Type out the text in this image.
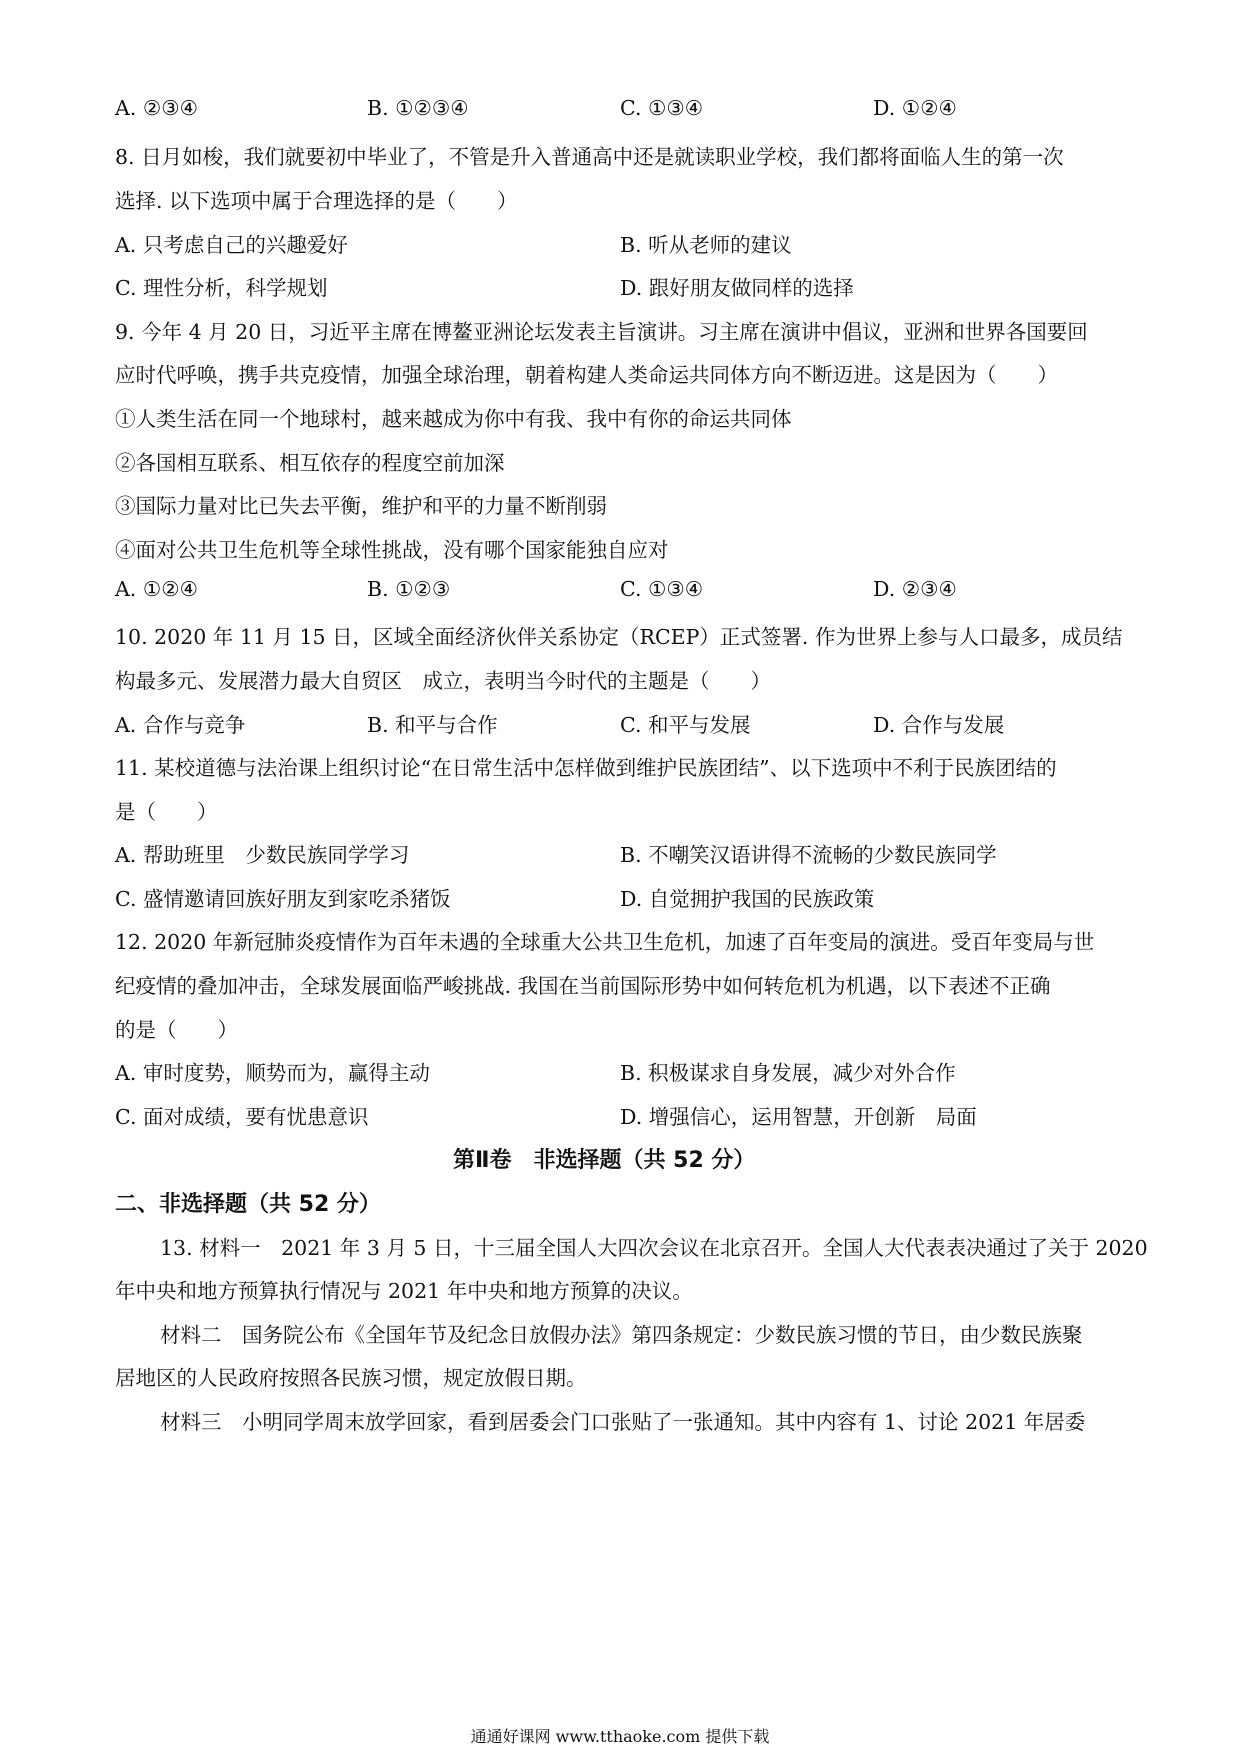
A. ②③④	B. ①②③④	C. ①③④	D. ①②④
8. 日月如梭，我们就要初中毕业了，不管是升入普通高中还是就读职业学校，我们都将面临人生的第一次
选择. 以下选项中属于合理选择的是（　　）
A. 只考虑自己的兴趣爱好	B. 听从老师的建议
C. 理性分析，科学规划	D. 跟好朋友做同样的选择
9. 今年 4 月 20 日，习近平主席在博鳌亚洲论坛发表主旨演讲。习主席在演讲中倡议，亚洲和世界各国要回
应时代呼唤，携手共克疫情，加强全球治理，朝着构建人类命运共同体方向不断迈进。这是因为（　　）
①人类生活在同一个地球村，越来越成为你中有我、我中有你的命运共同体
②各国相互联系、相互依存的程度空前加深
③国际力量对比已失去平衡，维护和平的力量不断削弱
④面对公共卫生危机等全球性挑战，没有哪个国家能独自应对
A. ①②④	B. ①②③	C. ①③④	D. ②③④
10. 2020 年 11 月 15 日，区域全面经济伙伴关系协定（RCEP）正式签署. 作为世界上参与人口最多，成员结
构最多元、发展潜力最大自贸区　成立，表明当今时代的主题是（　　）
A. 合作与竞争	B. 和平与合作	C. 和平与发展	D. 合作与发展
11. 某校道德与法治课上组织讨论“在日常生活中怎样做到维护民族团结”、以下选项中不利于民族团结的
是（　　）
A. 帮助班里　少数民族同学学习	B. 不嘲笑汉语讲得不流畅的少数民族同学
C. 盛情邀请回族好朋友到家吃杀猪饭	D. 自觉拥护我国的民族政策
12. 2020 年新冠肺炎疫情作为百年未遇的全球重大公共卫生危机，加速了百年变局的演进。受百年变局与世
纪疫情的叠加冲击，全球发展面临严峻挑战. 我国在当前国际形势中如何转危机为机遇，以下表述不正确
的是（　　）
A. 审时度势，顺势而为，赢得主动	B. 积极谋求自身发展，减少对外合作
C. 面对成绩，要有忧患意识	D. 增强信心，运用智慧，开创新　局面
第Ⅱ卷　非选择题（共 52 分）
二、非选择题（共 52 分）
13. 材料一　2021 年 3 月 5 日，十三届全国人大四次会议在北京召开。全国人大代表表决通过了关于 2020
年中央和地方预算执行情况与 2021 年中央和地方预算的决议。
材料二　国务院公布《全国年节及纪念日放假办法》第四条规定：少数民族习惯的节日，由少数民族聚
居地区的人民政府按照各民族习惯，规定放假日期。
材料三　小明同学周末放学回家，看到居委会门口张贴了一张通知。其中内容有 1、讨论 2021 年居委
通通好课网 www.tthaoke.com 提供下载
